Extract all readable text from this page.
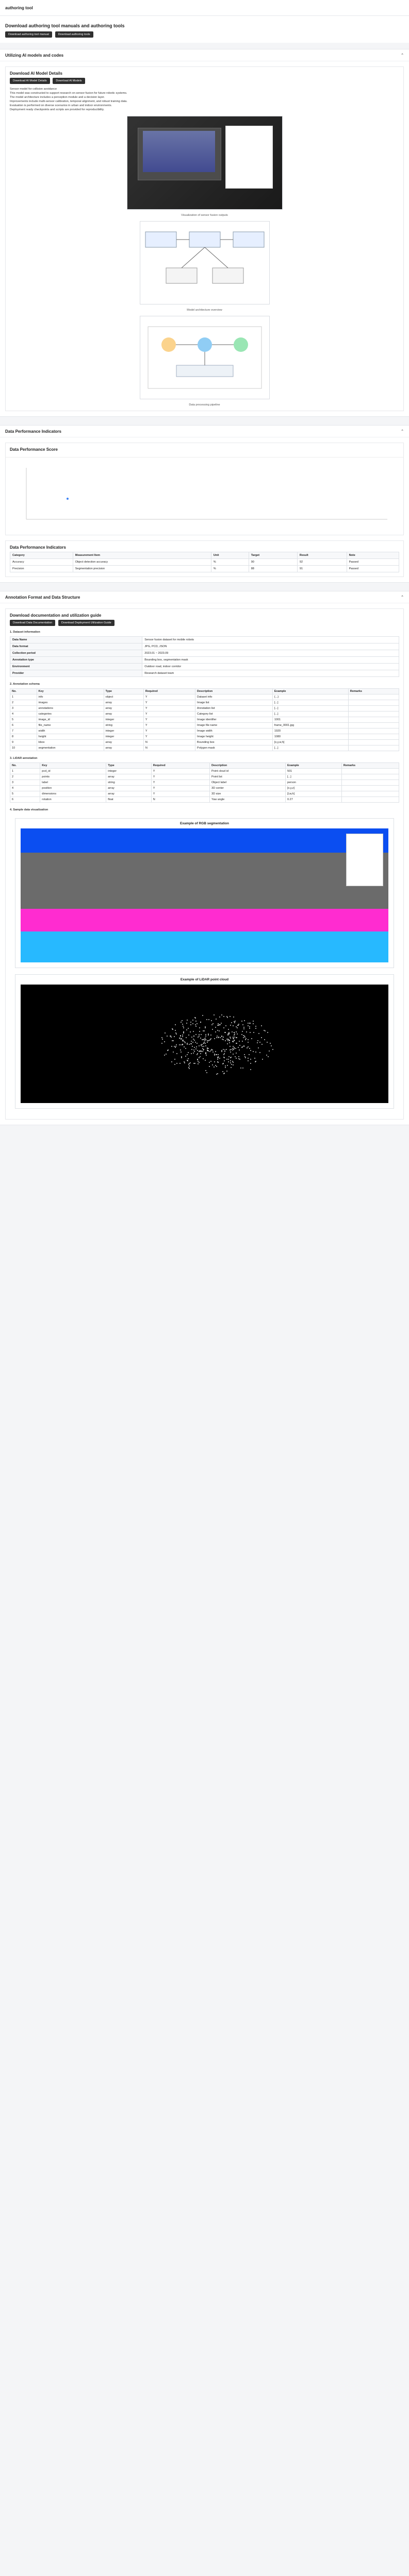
authoring tool
Download authoring tool manuals and authoring tools
Download authoring tool manual	Download authoring tools
Utilizing AI models and codes	⌃
Download AI Model Details
Download AI Model Details	Download AI Models
Sensor model for collision avoidance
This model was constructed to support research on sensor fusion for future robotic systems.
The model architecture includes a perception module and a decision layer.
Improvements include multi-sensor calibration, temporal alignment, and robust training data.
Evaluation is performed on diverse scenarios in urban and indoor environments.
Deployment ready checkpoints and scripts are provided for reproducibility.
Visualization of sensor fusion outputs
Model architecture overview
Data processing pipeline
Data Performance Indicators	⌃
Data Performance Score
Data Performance Indicators
Category	Measurement Item	Unit	Target	Result	Note
Accuracy	Object detection accuracy	%	90	92	Passed
Precision	Segmentation precision	%	88	91	Passed
Annotation Format and Data Structure	⌃
Download documentation and utilization guide
Download Data Documentation	Download Deployment Utilization Guide
1. Dataset information
Data Name	Sensor fusion dataset for mobile robots
Data format	JPG, PCD, JSON
Collection period	2023.01 ~ 2023.09
Annotation type	Bounding box, segmentation mask
Environment	Outdoor road, indoor corridor
Provider	Research dataset team
2. Annotation schema
No.	Key	Type	Required	Description	Example	Remarks
1	info	object	Y	Dataset info	{...}	
2	images	array	Y	Image list	[...]	
3	annotations	array	Y	Annotation list	[...]	
4	categories	array	Y	Category list	[...]	
5	image_id	integer	Y	Image identifier	1001	
6	file_name	string	Y	Image file name	frame_0001.jpg	
7	width	integer	Y	Image width	1920	
8	height	integer	Y	Image height	1080	
9	bbox	array	N	Bounding box	[x,y,w,h]	
10	segmentation	array	N	Polygon mask	[...]	
3. LiDAR annotation
No.	Key	Type	Required	Description	Example	Remarks
1	pcd_id	integer	Y	Point cloud id	501	
2	points	array	Y	Point list	[...]	
3	label	string	Y	Object label	person	
4	position	array	Y	3D center	[x,y,z]	
5	dimensions	array	Y	3D size	[l,w,h]	
6	rotation	float	N	Yaw angle	0.27	
4. Sample data visualization
Example of RGB segmentation
Example of LiDAR point cloud
